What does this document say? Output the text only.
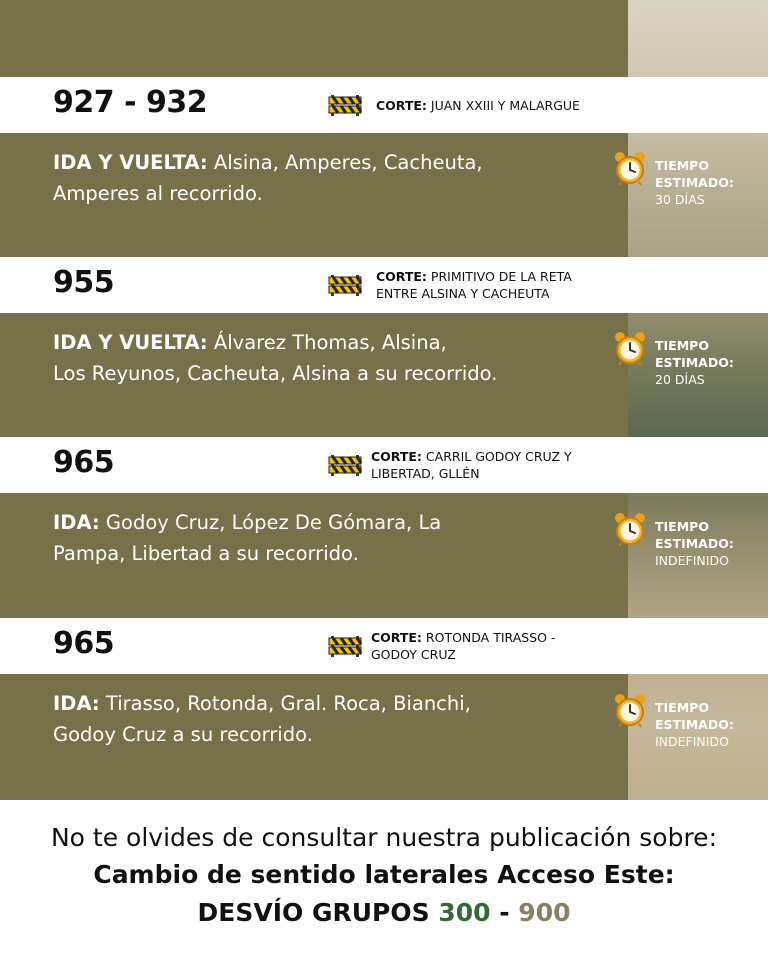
927 - 932	CORTE: JUAN XXIII Y MALARGUE
IDA Y VUELTA: Alsina, Amperes, Cacheuta,
Amperes al recorrido.
TIEMPO
ESTIMADO:
30 DÍAS
955	CORTE: PRIMITIVO DE LA RETA
ENTRE ALSINA Y CACHEUTA
IDA Y VUELTA: Álvarez Thomas, Alsina,
Los Reyunos, Cacheuta, Alsina a su recorrido.
TIEMPO
ESTIMADO:
20 DÍAS
965	CORTE: CARRIL GODOY CRUZ Y
LIBERTAD, GLLÉN
IDA: Godoy Cruz, López De Gómara, La
Pampa, Libertad a su recorrido.
TIEMPO
ESTIMADO:
INDEFINIDO
965	CORTE: ROTONDA TIRASSO -
GODOY CRUZ
IDA: Tirasso, Rotonda, Gral. Roca, Bianchi,
Godoy Cruz a su recorrido.
TIEMPO
ESTIMADO:
INDEFINIDO
No te olvides de consultar nuestra publicación sobre:
Cambio de sentido laterales Acceso Este:
DESVÍO GRUPOS 300 - 900
